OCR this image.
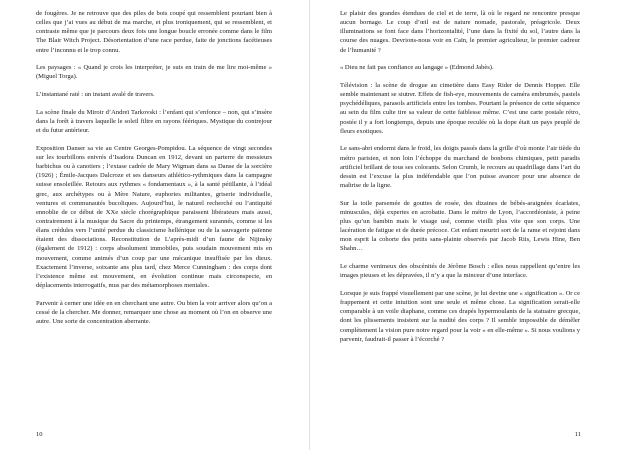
de fougères. Je ne retrouve que des piles de bois coupé qui ressemblent pourtant bien à celles que j’ai vues au début de ma marche, et plus ironiquement, qui se ressemblent, et contraste même que je parcours deux fois une longue boucle erronée comme dans le film The Blair Witch Project. Désorientation d’une race perdue, faite de jonctions facétieuses entre l’inconnu et le trop connu.

Les paysages : « Quand je crois les interpréter, je suis en train de me lire moi-même » (Miguel Torga).

L’instantané raté : un instant avalé de travers.

La scène finale du Miroir d’Andreï Tarkovski : l’enfant qui s’enfonce – non, qui s’insère dans la forêt à travers laquelle le soleil filtre en rayons féériques. Mystique du contrejour et du futur antérieur.

Exposition Danser sa vie au Centre Georges-Pompidou. La séquence de vingt secondes sur les tourbillons enivrés d’Isadora Duncan en 1912, devant un parterre de messieurs barbichus ou à canotiers ; l’extase cadrée de Mary Wigman dans sa Danse de la sorcière (1926) ; Émile-Jacques Dalcroze et ses danseurs athlético-rythmiques dans la campagne suisse ensoleillée. Retours aux rythmes « fondamentaux », à la santé pétillante, à l’idéal grec, aux archétypes ou à Mère Nature, euphories militantes, griserie individuelle, ventures et communautés bucoliques. Aujourd’hui, le naturel recherché ou l’antiquité ennoblie de ce début de XXe siècle chorégraphique paraissent libérateurs mais aussi, contrairement à la musique du Sacre du printemps, étrangement surannés, comme si les élans crédules vers l’unité perdue du classicisme hellénique ou de la sauvagerie païenne étaient des dissociations. Reconstitution de L’après-midi d’un faune de Nijinsky (également de 1912) : corps absolument immobiles, puis soudain mouvement mis en mouvement, comme animés d’un coup par une mécanique insuffisée par les dieux. Exactement l’inverse, soixante ans plus tard, chez Merce Cunningham : des corps dont l’existence même est mouvement, en évolution continue mais circonspecte, en déplacements interrogatifs, mus par des métamorphoses mentales.

Parvenir à cerner une idée en en cherchant une autre. Ou bien la voir arriver alors qu’on a cessé de la chercher. Me donner, remarquer une chose au moment où l’on en observe une autre. Une sorte de concentration aberrante.

10

Le plaisir des grandes étendues de ciel et de terre, là où le regard ne rencontre presque aucun bornage. Le coup d’œil est de nature nomade, pastorale, préagricole. Deux illuminations se font face dans l’horizontalité, l’une dans la fixité du sol, l’autre dans la course des nuages. Devrions-nous voir en Caïn, le premier agriculteur, le premier cadreur de l’humanité ?

« Dieu ne fait pas confiance au langage » (Edmond Jabès).

Télévision : la scène de drogue au cimetière dans Easy Rider de Dennis Hopper. Elle semble maintenant se siutrer. Effets de fish-eye, mouvements de caméra embrumés, pastels psychédéliques, parasols artificiels entre les tombes. Pourtant la présence de cette séquence au sein du film culte tire sa valeur de cette faiblesse même. C’est une carte postale rétro, postée il y a fort longtemps, depuis une époque reculée où la dope était un pays peuplé de fleurs exotiques.

Le sans-abri endormi dans le froid, les doigts passés dans la grille d’où monte l’air tiède du métro parisien, et non loin l’échoppe du marchand de bonbons chimiques, petit paradis artificiel brillant de tous ses colorants. Selon Crumb, le recours au quadrillage dans l’art du dessin est l’excuse la plus indéfendable que l’on puisse avancer pour une absence de maîtrise de la ligne.

Sur la toile parsemée de gouttes de rosée, des dizaines de bébés-araignées écarlates, minuscules, déjà expertes en acrobatie. Dans le métro de Lyon, l’accordéoniste, à peine plus qu’un bambin mais le visage usé, comme vieilli plus vite que son corps. Une lacération de fatigue et de durée précoce. Cet enfant meurtri sort de la rame et rejoint dans mon esprit la cohorte des petits sans-plainte observés par Jacob Riis, Lewis Hine, Ben Shahn…

Le charme venimeux des obscénités de Jérôme Bosch : elles nous rappellent qu’entre les images pieuses et les dépravées, il n’y a que la minceur d’une interface.

Lorsque je suis frappé visuellement par une scène, je lui devine une « signification ». Or ce frappement et cette intuition sont une seule et même chose. La signification serait-elle comparable à un voile diaphane, comme ces drapés hypermoulants de la statuaire grecque, dont les plissements insistent sur la nudité des corps ? Il semble impossible de démêler complètement la vision pure notre regard pour la voir « en elle-même ». Si nous voulions y parvenir, faudrait-il passer à l’écorché ?

11
